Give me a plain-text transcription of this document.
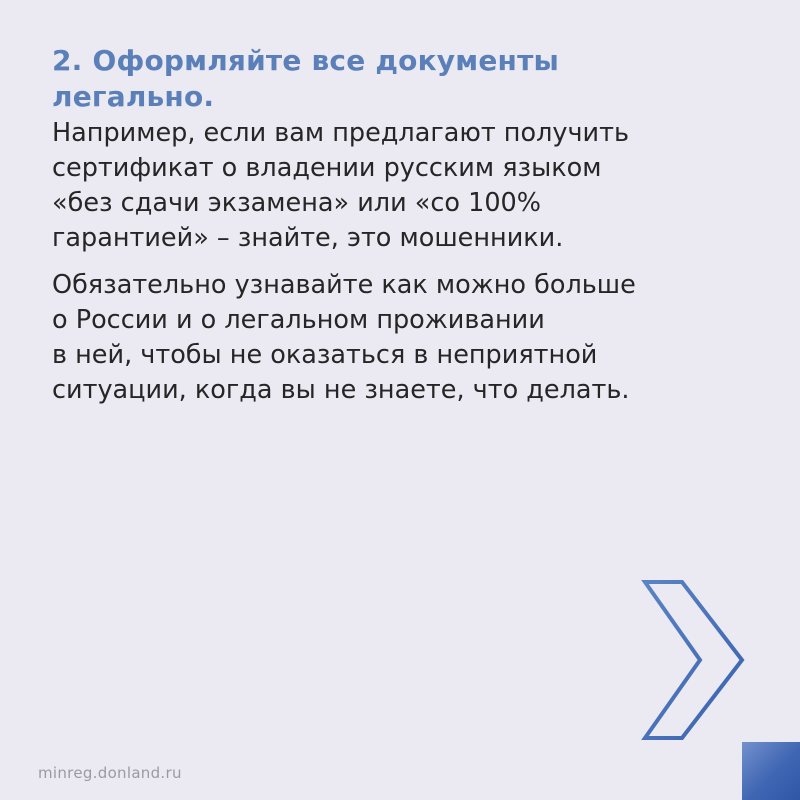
2. Оформляйте все документы
легально.

Например, если вам предлагают получить
сертификат о владении русским языком
«без сдачи экзамена» или «со 100%
гарантией» – знайте, это мошенники.

Обязательно узнавайте как можно больше
о России и о легальном проживании
в ней, чтобы не оказаться в неприятной
ситуации, когда вы не знаете, что делать.

minreg.donland.ru
